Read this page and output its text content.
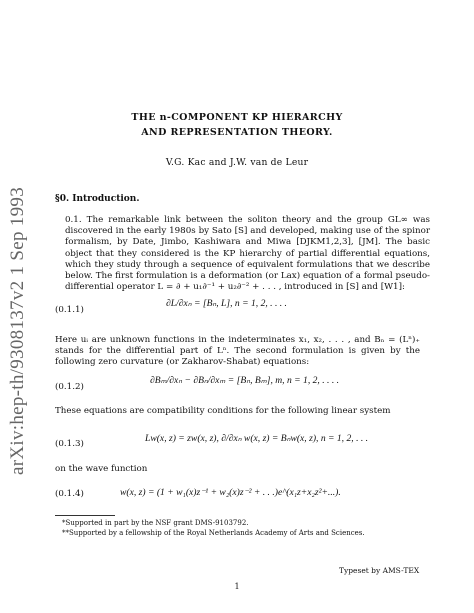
arXiv:hep-th/9308137v2 1 Sep 1993
THE n-COMPONENT KP HIERARCHY
AND REPRESENTATION THEORY.
V.G. Kac and J.W. van de Leur
§0. Introduction.
0.1. The remarkable link between the soliton theory and the group GL∞ was discovered in the early 1980s by Sato [S] and developed, making use of the spinor formalism, by Date, Jimbo, Kashiwara and Miwa [DJKM1,2,3], [JM]. The basic object that they considered is the KP hierarchy of partial differential equations, which they study through a sequence of equivalent formulations that we describe below. The first formulation is a deformation (or Lax) equation of a formal pseudo-differential operator L = ∂ + u₁∂⁻¹ + u₂∂⁻² + . . . , introduced in [S] and [W1]:
(0.1.1)
∂L/∂xₙ = [Bₙ, L], n = 1, 2, . . . .
Here uᵢ are unknown functions in the indeterminates x₁, x₂, . . . , and Bₙ = (Lⁿ)₊ stands for the differential part of Lⁿ. The second formulation is given by the following zero curvature (or Zakharov-Shabat) equations:
(0.1.2)
∂Bₘ/∂xₙ − ∂Bₙ/∂xₘ = [Bₙ, Bₘ], m, n = 1, 2, . . . .
These equations are compatibility conditions for the following linear system
(0.1.3)	Lw(x, z) = zw(x, z), ∂/∂xₙ w(x, z) = Bₙw(x, z), n = 1, 2, . . .
on the wave function
(0.1.4)	w(x, z) = (1 + w₁(x)z⁻¹ + w₂(x)z⁻² + . . .)e^(x₁z+x₂z²+...).
*Supported in part by the NSF grant DMS-9103792.
**Supported by a fellowship of the Royal Netherlands Academy of Arts and Sciences.
Typeset by AMS-TEX
1
